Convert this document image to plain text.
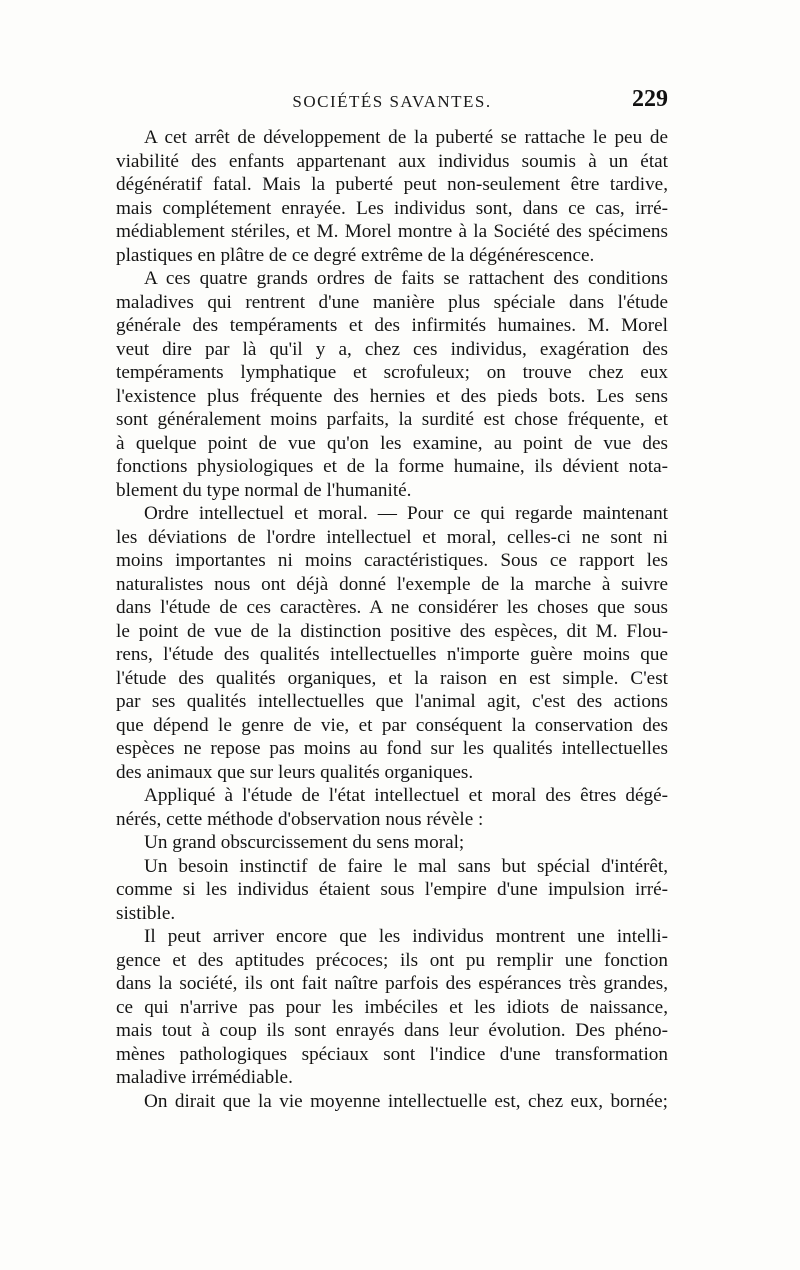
SOCIÉTÉS SAVANTES.	229

A cet arrêt de développement de la puberté se rattache le peu de
viabilité des enfants appartenant aux individus soumis à un état
dégénératif fatal. Mais la puberté peut non-seulement être tardive,
mais complétement enrayée. Les individus sont, dans ce cas, irré-
médiablement stériles, et M. Morel montre à la Société des spécimens
plastiques en plâtre de ce degré extrême de la dégénérescence.

A ces quatre grands ordres de faits se rattachent des conditions
maladives qui rentrent d'une manière plus spéciale dans l'étude
générale des tempéraments et des infirmités humaines. M. Morel
veut dire par là qu'il y a, chez ces individus, exagération des
tempéraments lymphatique et scrofuleux; on trouve chez eux
l'existence plus fréquente des hernies et des pieds bots. Les sens
sont généralement moins parfaits, la surdité est chose fréquente, et
à quelque point de vue qu'on les examine, au point de vue des
fonctions physiologiques et de la forme humaine, ils dévient nota-
blement du type normal de l'humanité.

Ordre intellectuel et moral. — Pour ce qui regarde maintenant
les déviations de l'ordre intellectuel et moral, celles-ci ne sont ni
moins importantes ni moins caractéristiques. Sous ce rapport les
naturalistes nous ont déjà donné l'exemple de la marche à suivre
dans l'étude de ces caractères. A ne considérer les choses que sous
le point de vue de la distinction positive des espèces, dit M. Flou-
rens, l'étude des qualités intellectuelles n'importe guère moins que
l'étude des qualités organiques, et la raison en est simple. C'est
par ses qualités intellectuelles que l'animal agit, c'est des actions
que dépend le genre de vie, et par conséquent la conservation des
espèces ne repose pas moins au fond sur les qualités intellectuelles
des animaux que sur leurs qualités organiques.

Appliqué à l'étude de l'état intellectuel et moral des êtres dégé-
nérés, cette méthode d'observation nous révèle :

Un grand obscurcissement du sens moral;

Un besoin instinctif de faire le mal sans but spécial d'intérêt,
comme si les individus étaient sous l'empire d'une impulsion irré-
sistible.

Il peut arriver encore que les individus montrent une intelli-
gence et des aptitudes précoces; ils ont pu remplir une fonction
dans la société, ils ont fait naître parfois des espérances très grandes,
ce qui n'arrive pas pour les imbéciles et les idiots de naissance,
mais tout à coup ils sont enrayés dans leur évolution. Des phéno-
mènes pathologiques spéciaux sont l'indice d'une transformation
maladive irrémédiable.

On dirait que la vie moyenne intellectuelle est, chez eux, bornée;
